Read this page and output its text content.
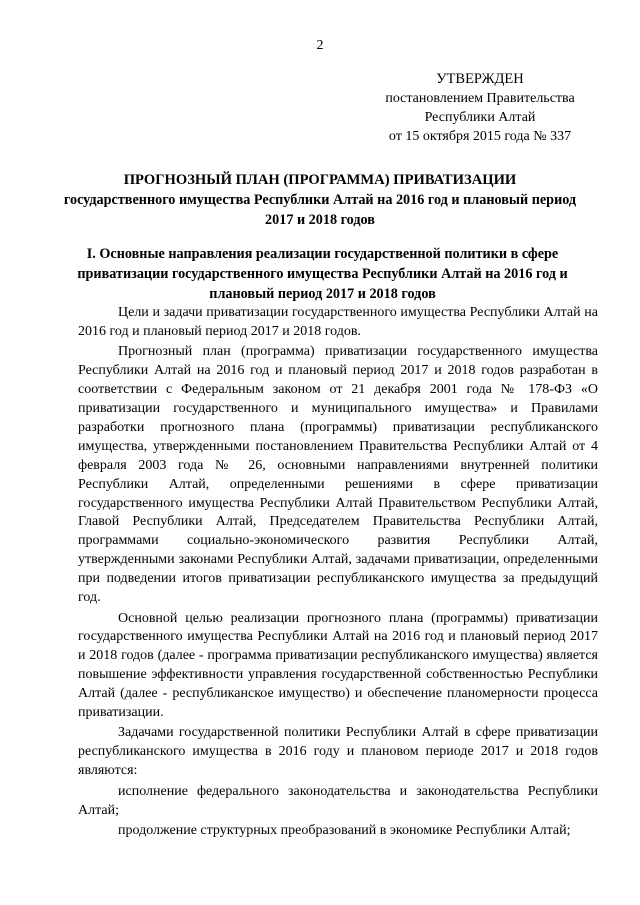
2
УТВЕРЖДЕН
постановлением Правительства
Республики Алтай
от 15 октября 2015 года № 337
ПРОГНОЗНЫЙ ПЛАН (ПРОГРАММА) ПРИВАТИЗАЦИИ
государственного имущества Республики Алтай на 2016 год и плановый период 2017 и 2018 годов
I. Основные направления реализации государственной политики в сфере приватизации государственного имущества Республики Алтай на 2016 год и плановый период 2017 и 2018 годов

Цели и задачи приватизации государственного имущества Республики Алтай на 2016 год и плановый период 2017 и 2018 годов.

Прогнозный план (программа) приватизации государственного имущества Республики Алтай на 2016 год и плановый период 2017 и 2018 годов разработан в соответствии с Федеральным законом от 21 декабря 2001 года № 178-ФЗ «О приватизации государственного и муниципального имущества» и Правилами разработки прогнозного плана (программы) приватизации республиканского имущества, утвержденными постановлением Правительства Республики Алтай от 4 февраля 2003 года № 26, основными направлениями внутренней политики Республики Алтай, определенными решениями в сфере приватизации государственного имущества Республики Алтай Правительством Республики Алтай, Главой Республики Алтай, Председателем Правительства Республики Алтай, программами социально-экономического развития Республики Алтай, утвержденными законами Республики Алтай, задачами приватизации, определенными при подведении итогов приватизации республиканского имущества за предыдущий год.

Основной целью реализации прогнозного плана (программы) приватизации государственного имущества Республики Алтай на 2016 год и плановый период 2017 и 2018 годов (далее - программа приватизации республиканского имущества) является повышение эффективности управления государственной собственностью Республики Алтай (далее - республиканское имущество) и обеспечение планомерности процесса приватизации.

Задачами государственной политики Республики Алтай в сфере приватизации республиканского имущества в 2016 году и плановом периоде 2017 и 2018 годов являются:

исполнение федерального законодательства и законодательства Республики Алтай;

продолжение структурных преобразований в экономике Республики Алтай;
